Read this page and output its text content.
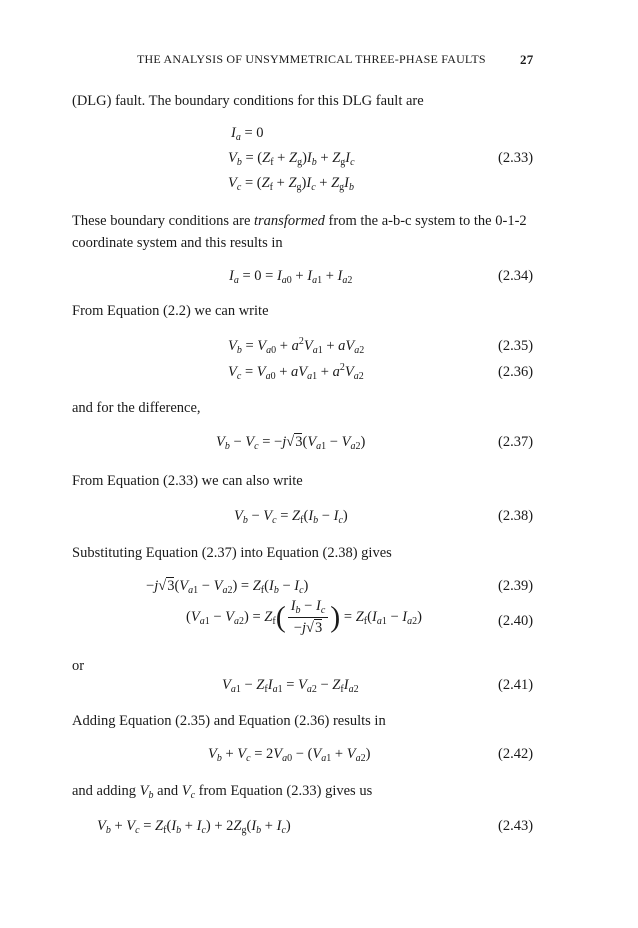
THE ANALYSIS OF UNSYMMETRICAL THREE-PHASE FAULTS	27

(DLG) fault. The boundary conditions for this DLG fault are

$I_a = 0$
$V_b = (Z_f + Z_g)I_b + Z_gI_c$	(2.33)
$V_c = (Z_f + Z_g)I_c + Z_gI_b$

These boundary conditions are transformed from the a-b-c system to the 0-1-2 coordinate system and this results in

$I_a = 0 = I_{a0} + I_{a1} + I_{a2}$	(2.34)

From Equation (2.2) we can write

$V_b = V_{a0} + a^2V_{a1} + aV_{a2}$	(2.35)
$V_c = V_{a0} + aV_{a1} + a^2V_{a2}$	(2.36)

and for the difference,

$V_b - V_c = -j√3(V_{a1} - V_{a2})$	(2.37)

From Equation (2.33) we can also write

$V_b - V_c = Z_f(I_b - I_c)$	(2.38)

Substituting Equation (2.37) into Equation (2.38) gives

$-j√3(V_{a1} - V_{a2}) = Z_f(I_b - I_c)$	(2.39)
$(V_{a1} - V_{a2}) = Z_f( \frac{I_b - I_c}{-j√3}$ ) = $Z_f(I_{a1} - I_{a2})$	(2.40)

or

$V_{a1} - Z_fI_{a1} = V_{a2} - Z_fI_{a2}$	(2.41)

Adding Equation (2.35) and Equation (2.36) results in

$V_b + V_c = 2V_{a0} - (V_{a1} + V_{a2})$	(2.42)

and adding $V_b$ and $V_c$ from Equation (2.33) gives us

$V_b + V_c = Z_f(I_b + I_c) + 2Z_g(I_b + I_c)$	(2.43)
